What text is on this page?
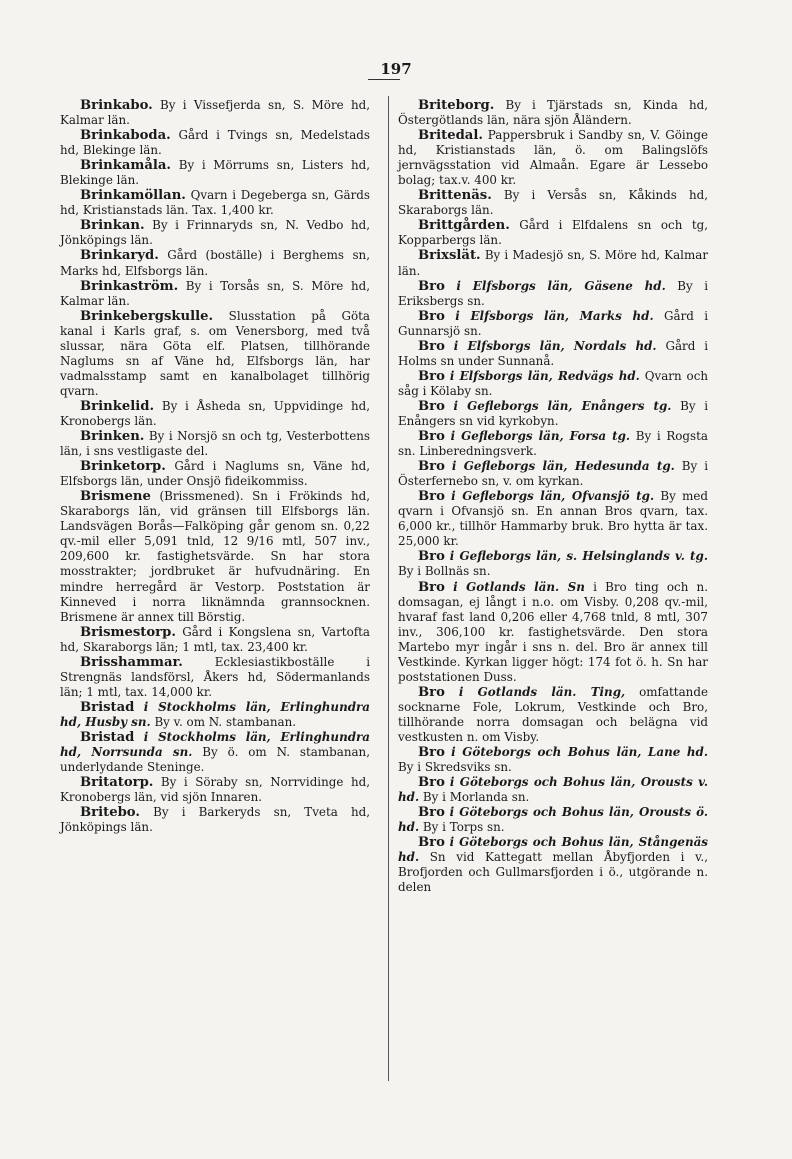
197

Brinkabo. By i Vissefjerda sn, S. Möre hd, Kalmar län.

Brinkaboda. Gård i Tvings sn, Medelstads hd, Blekinge län.

Brinkamåla. By i Mörrums sn, Listers hd, Blekinge län.

Brinkamöllan. Qvarn i Degeberga sn, Gärds hd, Kristianstads län. Tax. 1,400 kr.

Brinkan. By i Frinnaryds sn, N. Vedbo hd, Jönköpings län.

Brinkaryd. Gård (boställe) i Berghems sn, Marks hd, Elfsborgs län.

Brinkaström. By i Torsås sn, S. Möre hd, Kalmar län.

Brinkebergskulle. Slusstation på Göta kanal i Karls graf, s. om Venersborg, med två slussar, nära Göta elf. Platsen, tillhörande Naglums sn af Väne hd, Elfsborgs län, har vadmalsstamp samt en kanalbolaget tillhörig qvarn.

Brinkelid. By i Åsheda sn, Uppvidinge hd, Kronobergs län.

Brinken. By i Norsjö sn och tg, Vesterbottens län, i sns vestligaste del.

Brinketorp. Gård i Naglums sn, Väne hd, Elfsborgs län, under Onsjö fideikommiss.

Brismene (Brissmened). Sn i Frökinds hd, Skaraborgs län, vid gränsen till Elfsborgs län. Landsvägen Borås—Falköping går genom sn. 0,22 qv.-mil eller 5,091 tnld, 12 9/16 mtl, 507 inv., 209,600 kr. fastighetsvärde. Sn har stora mosstrakter; jordbruket är hufvudnäring. En mindre herregård är Vestorp. Poststation är Kinneved i norra liknämnda grannsocknen. Brismene är annex till Börstig.

Brismestorp. Gård i Kongslena sn, Vartofta hd, Skaraborgs län; 1 mtl, tax. 23,400 kr.

Brisshammar.	Ecklesiastikboställe i Strengnäs landsförsl, Åkers hd, Södermanlands län; 1 mtl, tax. 14,000 kr.

Bristad i Stockholms län, Erlinghundra hd, Husby sn. By v. om N. stambanan.

Bristad i Stockholms län, Erlinghundra hd, Norrsunda sn. By ö. om N. stambanan, underlydande Steninge.

Britatorp. By i Söraby sn, Norrvidinge hd, Kronobergs län, vid sjön Innaren.

Britebo. By i Barkeryds sn, Tveta hd, Jönköpings län.

Briteborg. By i Tjärstads sn, Kinda hd, Östergötlands län, nära sjön Åländern.

Britedal. Pappersbruk i Sandby sn, V. Göinge hd, Kristianstads län, ö. om Balingslöfs jernvägsstation vid Almaån. Egare är Lessebo bolag; tax.v. 400 kr.

Brittenäs. By i Versås sn, Kåkinds hd, Skaraborgs län.

Brittgården. Gård i Elfdalens sn och tg, Kopparbergs län.

Brixslät. By i Madesjö sn, S. Möre hd, Kalmar län.

Bro i Elfsborgs län, Gäsene hd. By i Eriksbergs sn.

Bro i Elfsborgs län, Marks hd. Gård i Gunnarsjö sn.

Bro i Elfsborgs län, Nordals hd. Gård i Holms sn under Sunnanå.

Bro i Elfsborgs län, Redvägs hd. Qvarn och såg i Kölaby sn.

Bro i Gefleborgs län, Enångers tg. By i Enångers sn vid kyrkobyn.

Bro i Gefleborgs län, Forsa tg. By i Rogsta sn. Linberedningsverk.

Bro i Gefleborgs län, Hedesunda tg. By i Österfernebo sn, v. om kyrkan.

Bro i Gefleborgs län, Ofvansjö tg. By med qvarn i Ofvansjö sn. En annan Bros qvarn, tax. 6,000 kr., tillhör Hammarby bruk. Bro hytta är tax. 25,000 kr.

Bro i Gefleborgs län, s. Helsinglands v. tg. By i Bollnäs sn.

Bro i Gotlands län. Sn i Bro ting och n. domsagan, ej långt i n.o. om Visby. 0,208 qv.-mil, hvaraf fast land 0,206 eller 4,768 tnld, 8 mtl, 307 inv., 306,100 kr. fastighetsvärde. Den stora Martebo myr ingår i sns n. del. Bro är annex till Vestkinde. Kyrkan ligger högt: 174 fot ö. h. Sn har poststationen Duss.

Bro i Gotlands län. Ting, omfattande socknarne Fole, Lokrum, Vestkinde och Bro, tillhörande norra domsagan och belägna vid vestkusten n. om Visby.

Bro i Göteborgs och Bohus län, Lane hd. By i Skredsviks sn.

Bro i Göteborgs och Bohus län, Orousts v. hd. By i Morlanda sn.

Bro i Göteborgs och Bohus län, Orousts ö. hd. By i Torps sn.

Bro i Göteborgs och Bohus län, Stångenäs hd. Sn vid Kattegatt mellan Åbyfjorden i v., Brofjorden och Gullmarsfjorden i ö., utgörande n. delen
